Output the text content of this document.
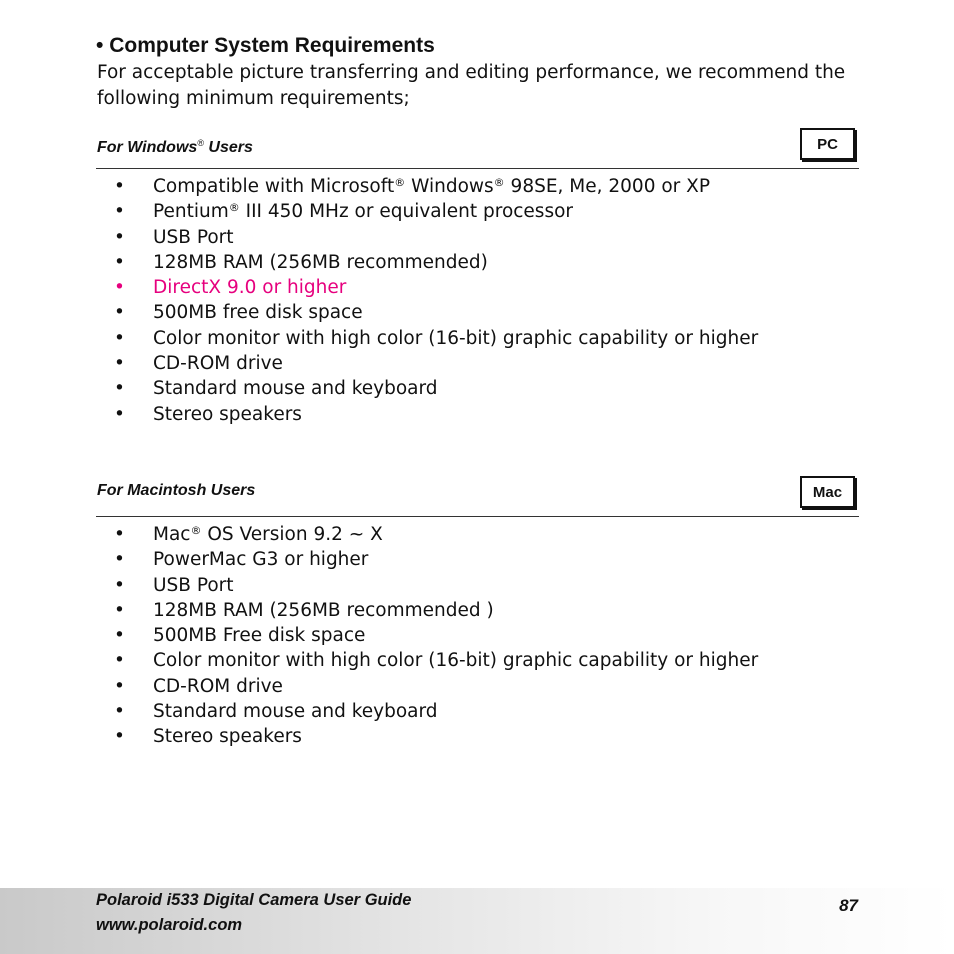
• Computer System Requirements

For acceptable picture transferring and editing performance, we recommend the following minimum requirements;

For Windows® Users	PC
• Compatible with Microsoft® Windows® 98SE, Me, 2000 or XP
• Pentium® III 450 MHz or equivalent processor
• USB Port
• 128MB RAM (256MB recommended)
• DirectX 9.0 or higher
• 500MB free disk space
• Color monitor with high color (16-bit) graphic capability or higher
• CD-ROM drive
• Standard mouse and keyboard
• Stereo speakers
For Macintosh Users	Mac
• Mac® OS Version 9.2 ~ X
• PowerMac G3 or higher
• USB Port
• 128MB RAM (256MB recommended )
• 500MB Free disk space
• Color monitor with high color (16-bit) graphic capability or higher
• CD-ROM drive
• Standard mouse and keyboard
• Stereo speakers
Polaroid i533 Digital Camera User Guide
www.polaroid.com
87
